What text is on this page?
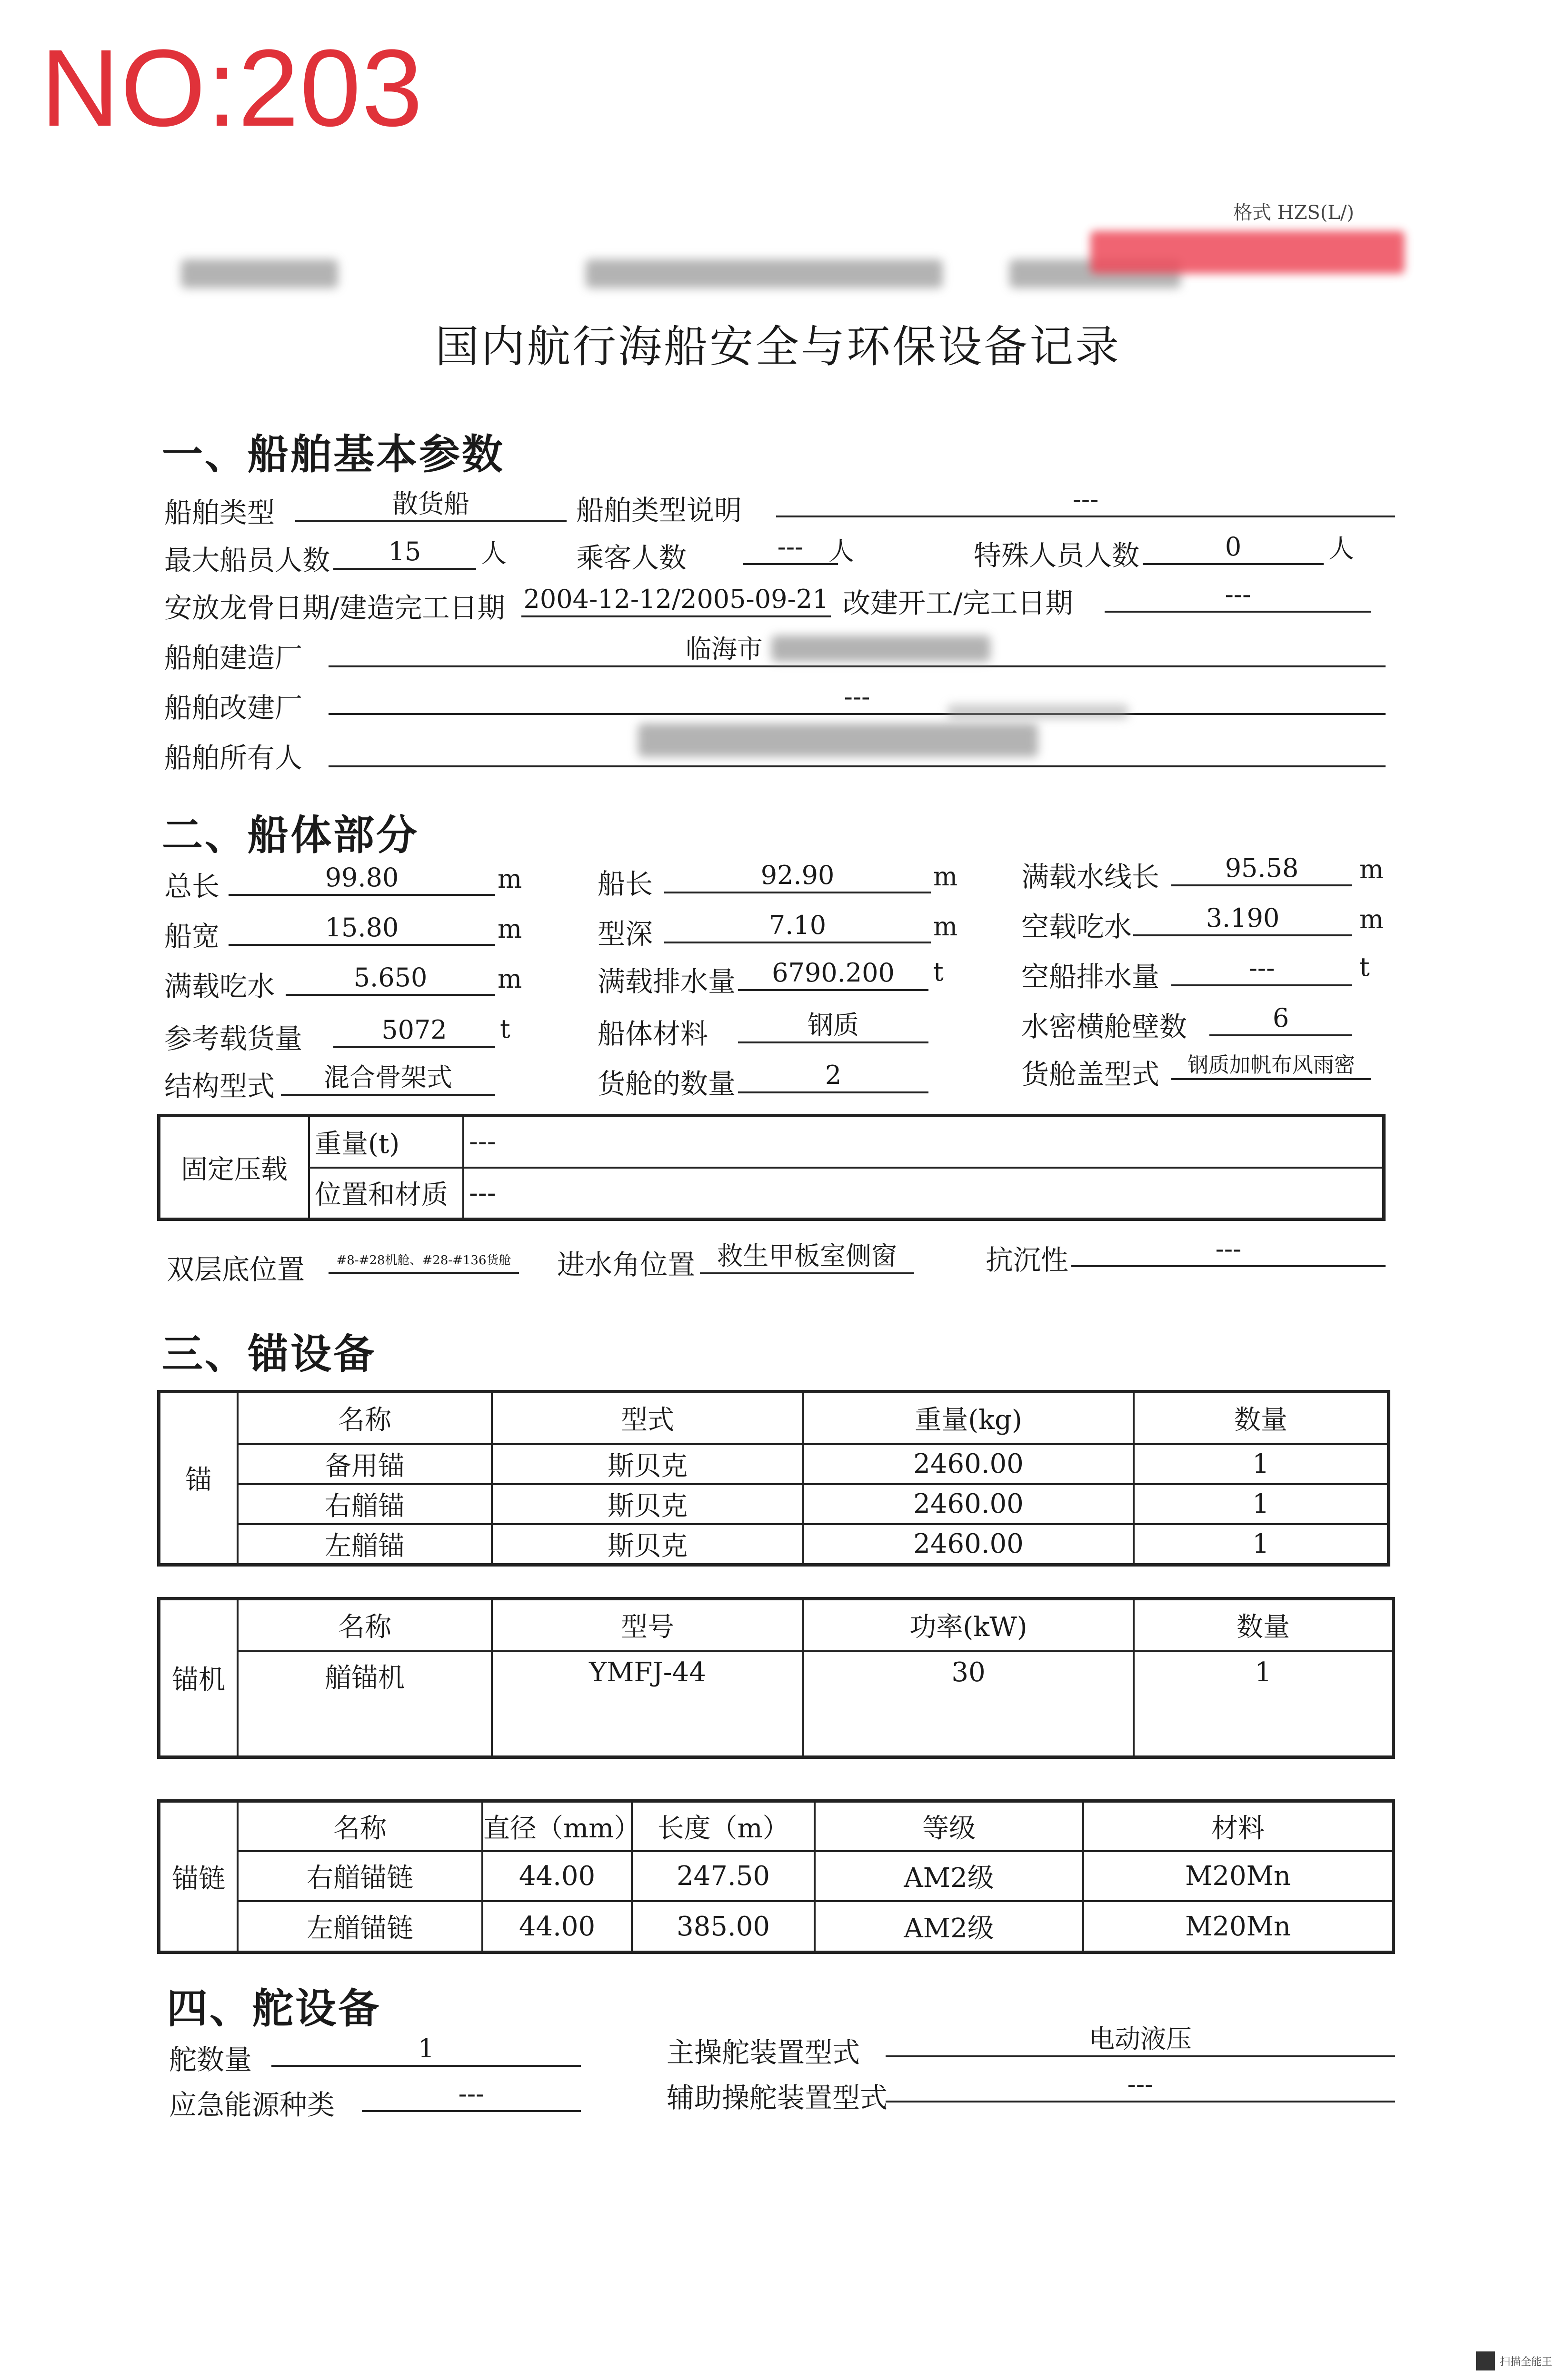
NO:203
格式 HZS(L/)
国内航行海船安全与环保设备记录
一、船舶基本参数
船舶类型	散货船	船舶类型说明	---
最大船员人数	15	人	乘客人数	--- 人	特殊人员人数	0	人
安放龙骨日期/建造完工日期 2004-12-12/2005-09-21 改建开工/完工日期	---
船舶建造厂	临海市
船舶改建厂	---
船舶所有人
二、船体部分
总长	99.80	m	船长	92.90	m 满载水线长	95.58	m
船宽	15.80	m	型深	7.10	m 空载吃水	3.190	m
满载吃水	5.650	m	满载排水量	6790.200	t	空船排水量	---	t
参考载货量	5072	t	船体材料	钢质	水密横舱壁数	6
结构型式	混合骨架式	货舱的数量	2	货舱盖型式	钢质加帆布风雨密
固定压载	重量(t)	---
	位置和材质	---
双层底位置	#8-#28机舱、#28-#136货舱 进水角位置 救生甲板室侧窗	抗沉性	---
三、锚设备
锚	名称	型式	重量(kg)	数量
	备用锚	斯贝克	2460.00	1
	右艏锚	斯贝克	2460.00	1
	左艏锚	斯贝克	2460.00	1
锚机	名称	型号	功率(kW)	数量
	艏锚机	YMFJ-44	30	1
锚链	名称	直径（mm）	长度（m）	等级	材料
	右艏锚链	44.00	247.50	AM2级	M20Mn
	左艏锚链	44.00	385.00	AM2级	M20Mn
四、舵设备
舵数量	1	主操舵装置型式	电动液压
应急能源种类	---	辅助操舵装置型式	---
扫描全能王
